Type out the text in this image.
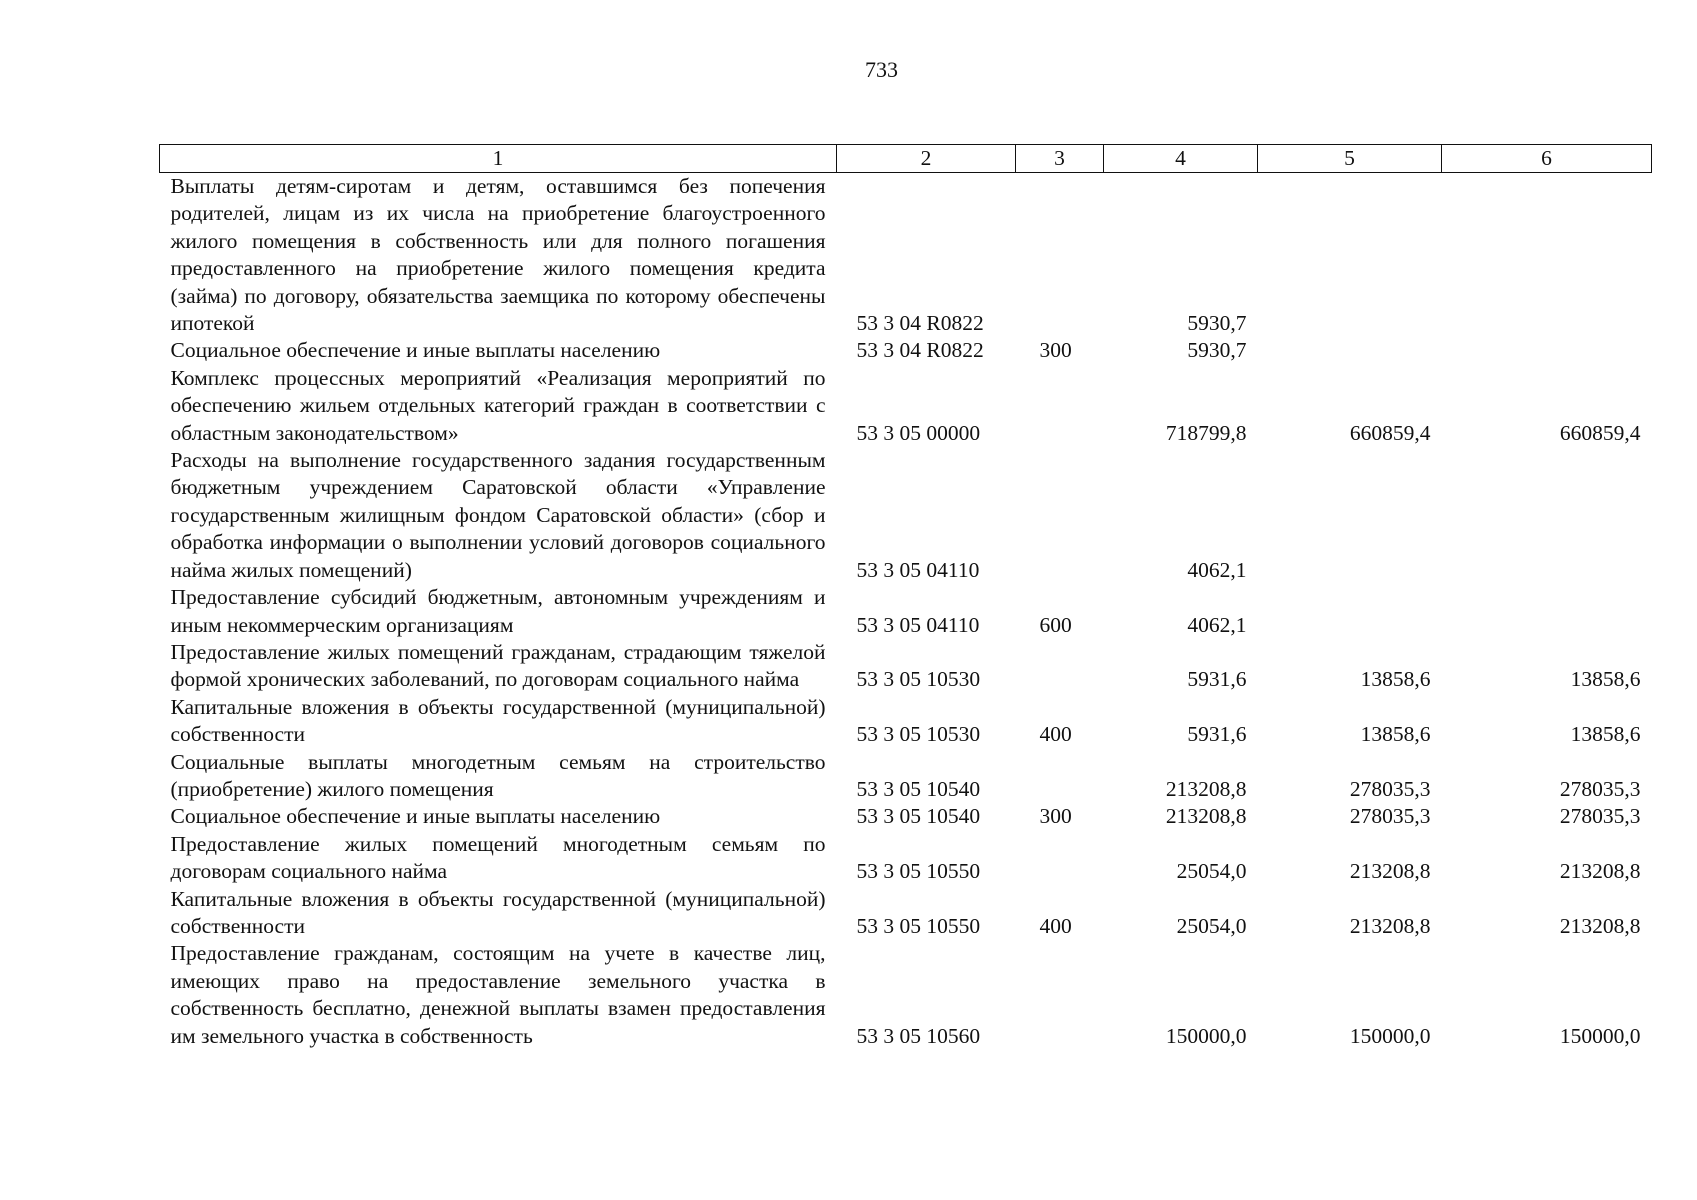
733
1	2	3	4	5	6
Выплаты детям-сиротам и детям, оставшимся без попечения родителей, лицам из их числа на приобретение благоустроенного жилого помещения в собственность или для полного погашения предоставленного на приобретение жилого помещения кредита (займа) по договору, обязательства заемщика по которому обеспечены ипотекой	53 3 04 R0822		5930,7		
Социальное обеспечение и иные выплаты населению	53 3 04 R0822	300	5930,7		
Комплекс процессных мероприятий «Реализация мероприятий по обеспечению жильем отдельных категорий граждан в соответствии с областным законодательством»	53 3 05 00000		718799,8	660859,4	660859,4
Расходы на выполнение государственного задания государственным бюджетным учреждением Саратовской области «Управление государственным жилищным фондом Саратовской области» (сбор и обработка информации о выполнении условий договоров социального найма жилых помещений)	53 3 05 04110		4062,1		
Предоставление субсидий бюджетным, автономным учреждениям и иным некоммерческим организациям	53 3 05 04110	600	4062,1		
Предоставление жилых помещений гражданам, страдающим тяжелой формой хронических заболеваний, по договорам социального найма	53 3 05 10530		5931,6	13858,6	13858,6
Капитальные вложения в объекты государственной (муниципальной) собственности	53 3 05 10530	400	5931,6	13858,6	13858,6
Социальные выплаты многодетным семьям на строительство (приобретение) жилого помещения	53 3 05 10540		213208,8	278035,3	278035,3
Социальное обеспечение и иные выплаты населению	53 3 05 10540	300	213208,8	278035,3	278035,3
Предоставление жилых помещений многодетным семьям по договорам социального найма	53 3 05 10550		25054,0	213208,8	213208,8
Капитальные вложения в объекты государственной (муниципальной) собственности	53 3 05 10550	400	25054,0	213208,8	213208,8
Предоставление гражданам, состоящим на учете в качестве лиц, имеющих право на предоставление земельного участка в собственность бесплатно, денежной выплаты взамен предоставления им земельного участка в собственность	53 3 05 10560		150000,0	150000,0	150000,0
